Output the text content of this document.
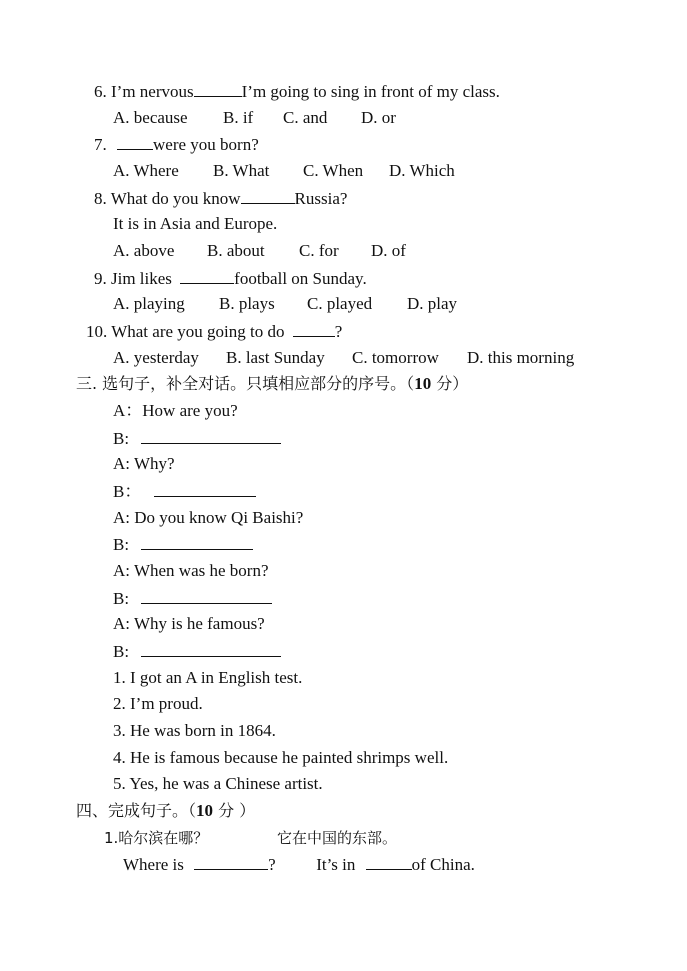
6. I’m nervous	I’m going to sing in front of my class.
A. because B. if C. and D. or
7.	were you born?
A. Where B. What C. When D. Which
8. What do you know	Russia?
It is in Asia and Europe.
A. above B. about C. for D. of
9. Jim likes	football on Sunday.
A. playing B. plays C. played D. play
10. What are you going to do	?
A. yesterday B. last Sunday C. tomorrow D. this morning
三. 选句子，补全对话。只填相应部分的序号。（10 分）
A：How are you?
B:
A: Why?
B：
A: Do you know Qi Baishi?
B:
A: When was he born?
B:
A: Why is he famous?
B:
1. I got an A in English test.
2. I’m proud.
3. He was born in 1864.
4. He is famous because he painted shrimps well.
5. Yes, he was a Chinese artist.
四、完成句子。（10 分 ）
1.哈尔滨在哪？	它在中国的东部。
Where is	? It’s in	of China.
